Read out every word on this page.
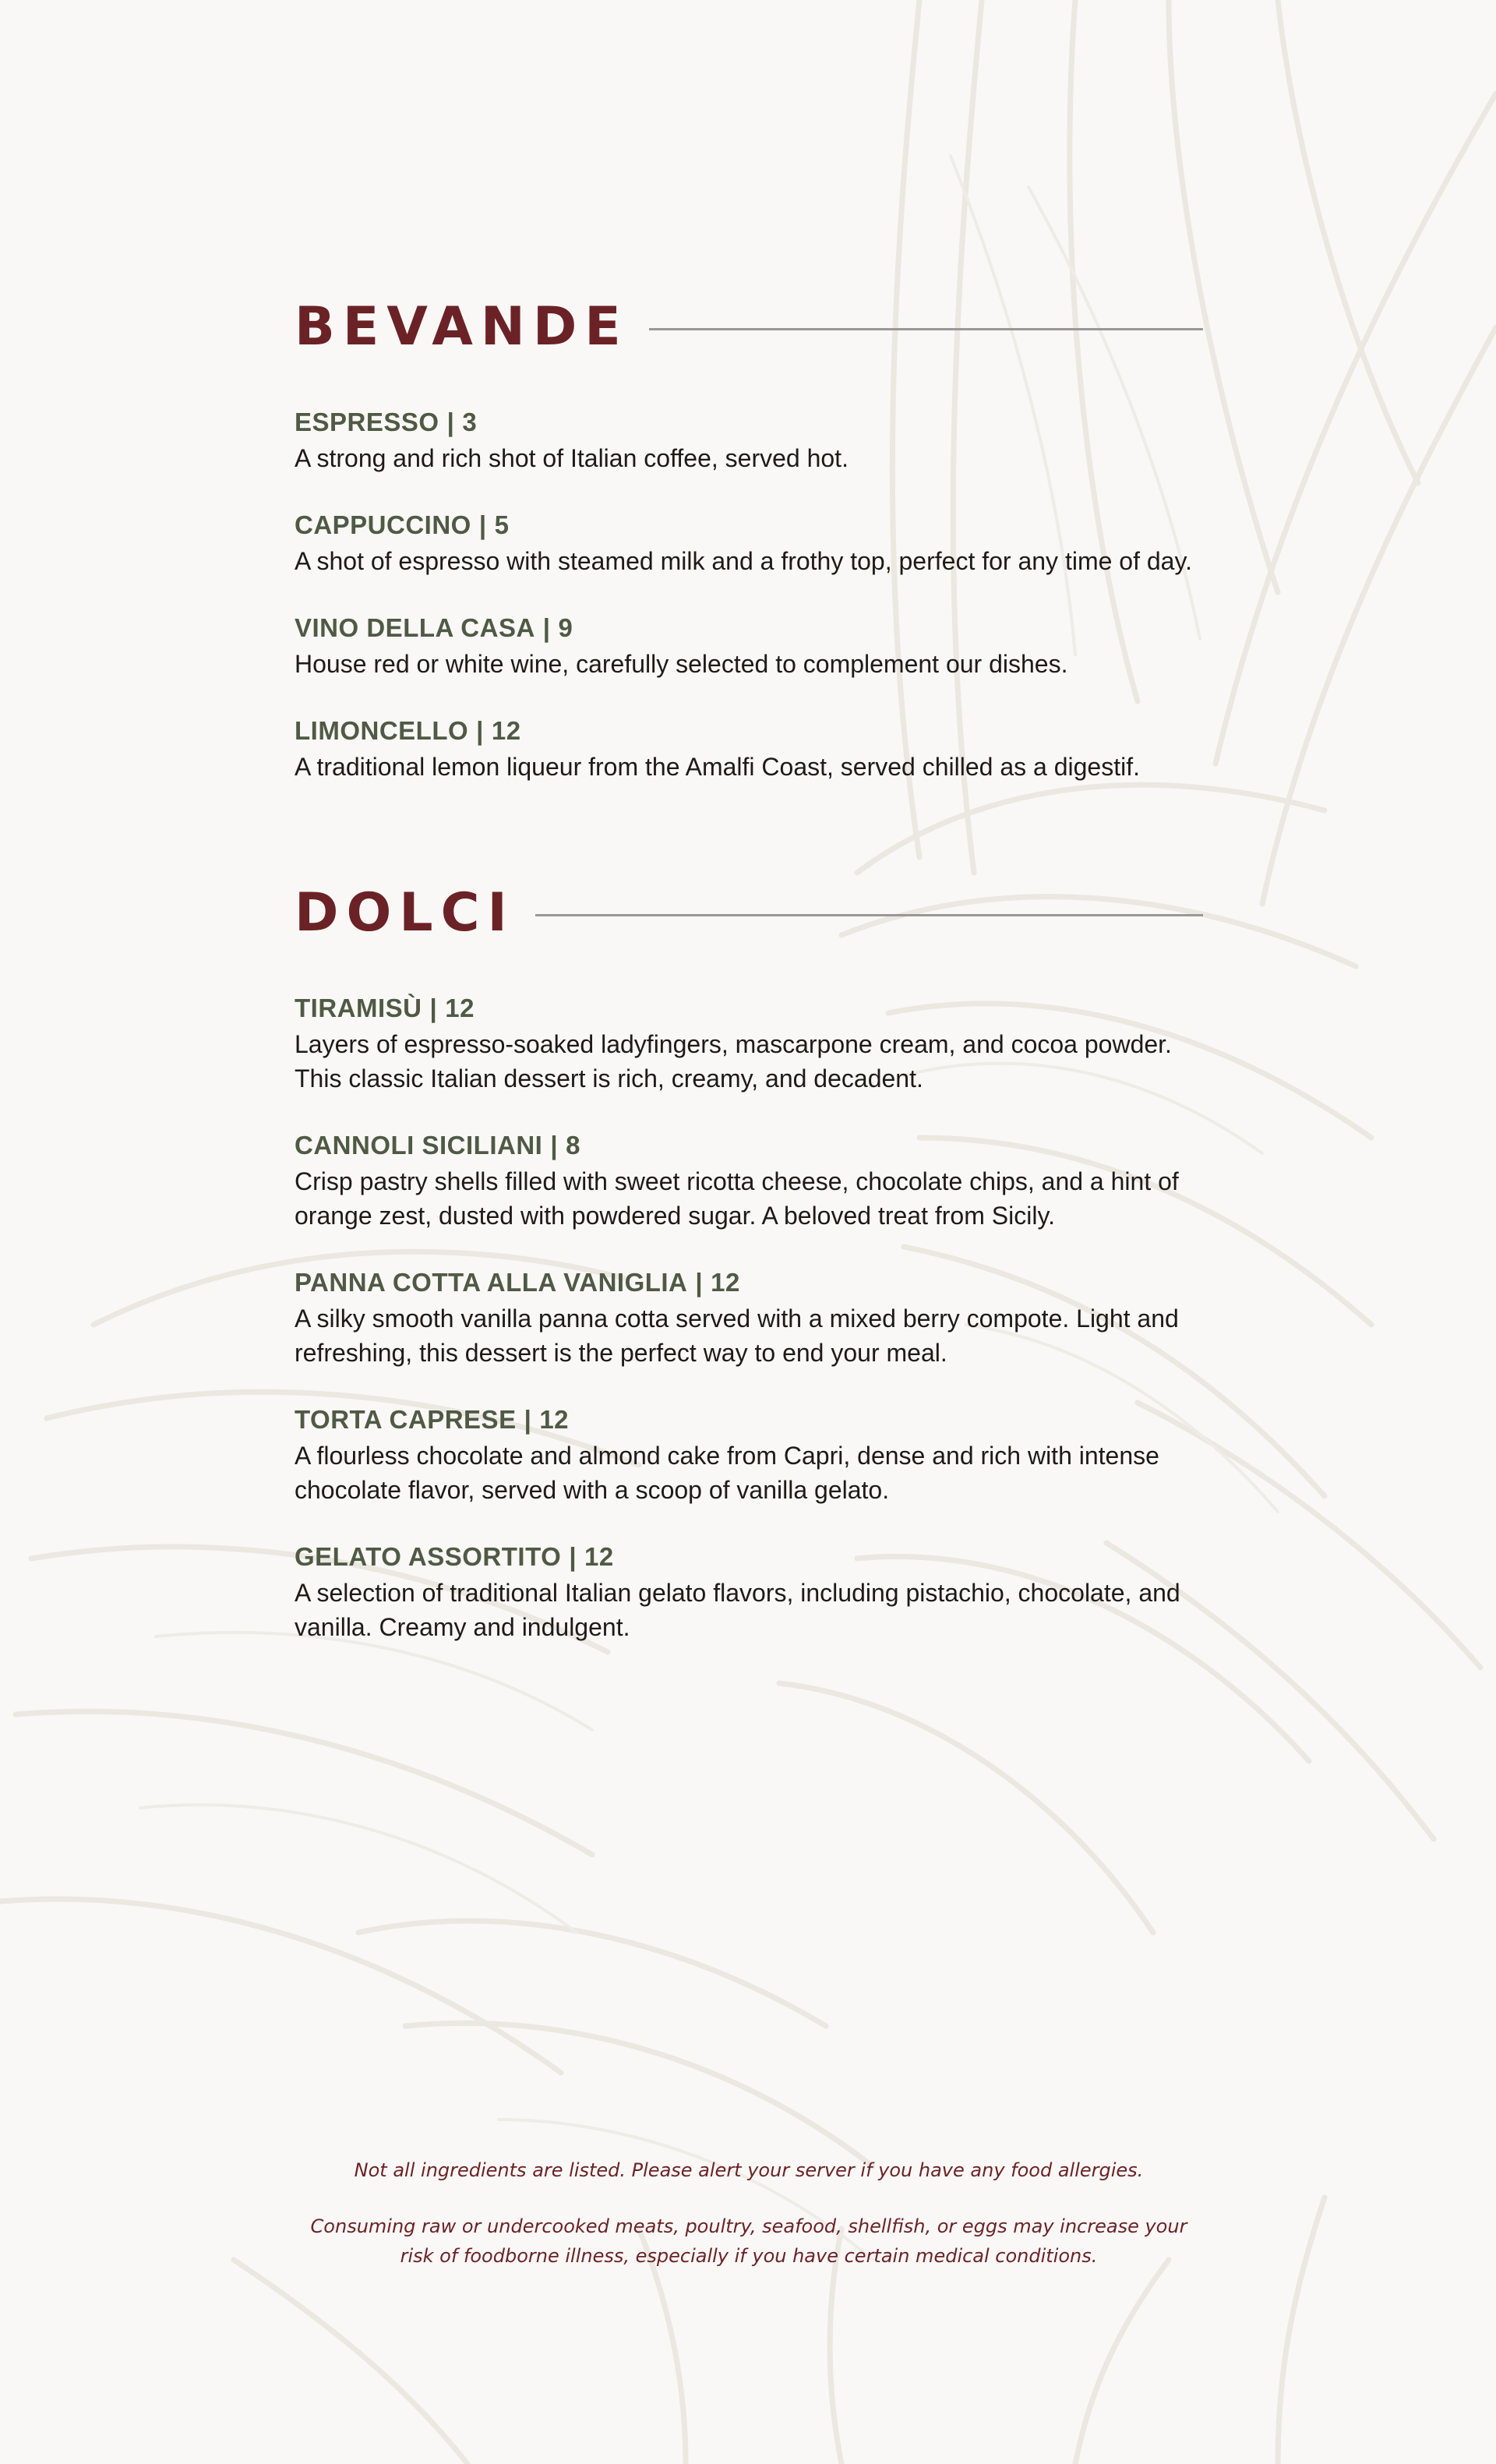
BEVANDE

ESPRESSO | 3

A strong and rich shot of Italian coffee, served hot.

CAPPUCCINO | 5

A shot of espresso with steamed milk and a frothy top, perfect for any time of day.

VINO DELLA CASA | 9

House red or white wine, carefully selected to complement our dishes.

LIMONCELLO | 12

A traditional lemon liqueur from the Amalfi Coast, served chilled as a digestif.

DOLCI

TIRAMISÙ | 12

Layers of espresso-soaked ladyfingers, mascarpone cream, and cocoa powder. This classic Italian dessert is rich, creamy, and decadent.

CANNOLI SICILIANI | 8

Crisp pastry shells filled with sweet ricotta cheese, chocolate chips, and a hint of orange zest, dusted with powdered sugar. A beloved treat from Sicily.

PANNA COTTA ALLA VANIGLIA | 12

A silky smooth vanilla panna cotta served with a mixed berry compote. Light and refreshing, this dessert is the perfect way to end your meal.

TORTA CAPRESE | 12

A flourless chocolate and almond cake from Capri, dense and rich with intense chocolate flavor, served with a scoop of vanilla gelato.

GELATO ASSORTITO | 12

A selection of traditional Italian gelato flavors, including pistachio, chocolate, and vanilla. Creamy and indulgent.

Not all ingredients are listed. Please alert your server if you have any food allergies.

Consuming raw or undercooked meats, poultry, seafood, shellfish, or eggs may increase your risk of foodborne illness, especially if you have certain medical conditions.
